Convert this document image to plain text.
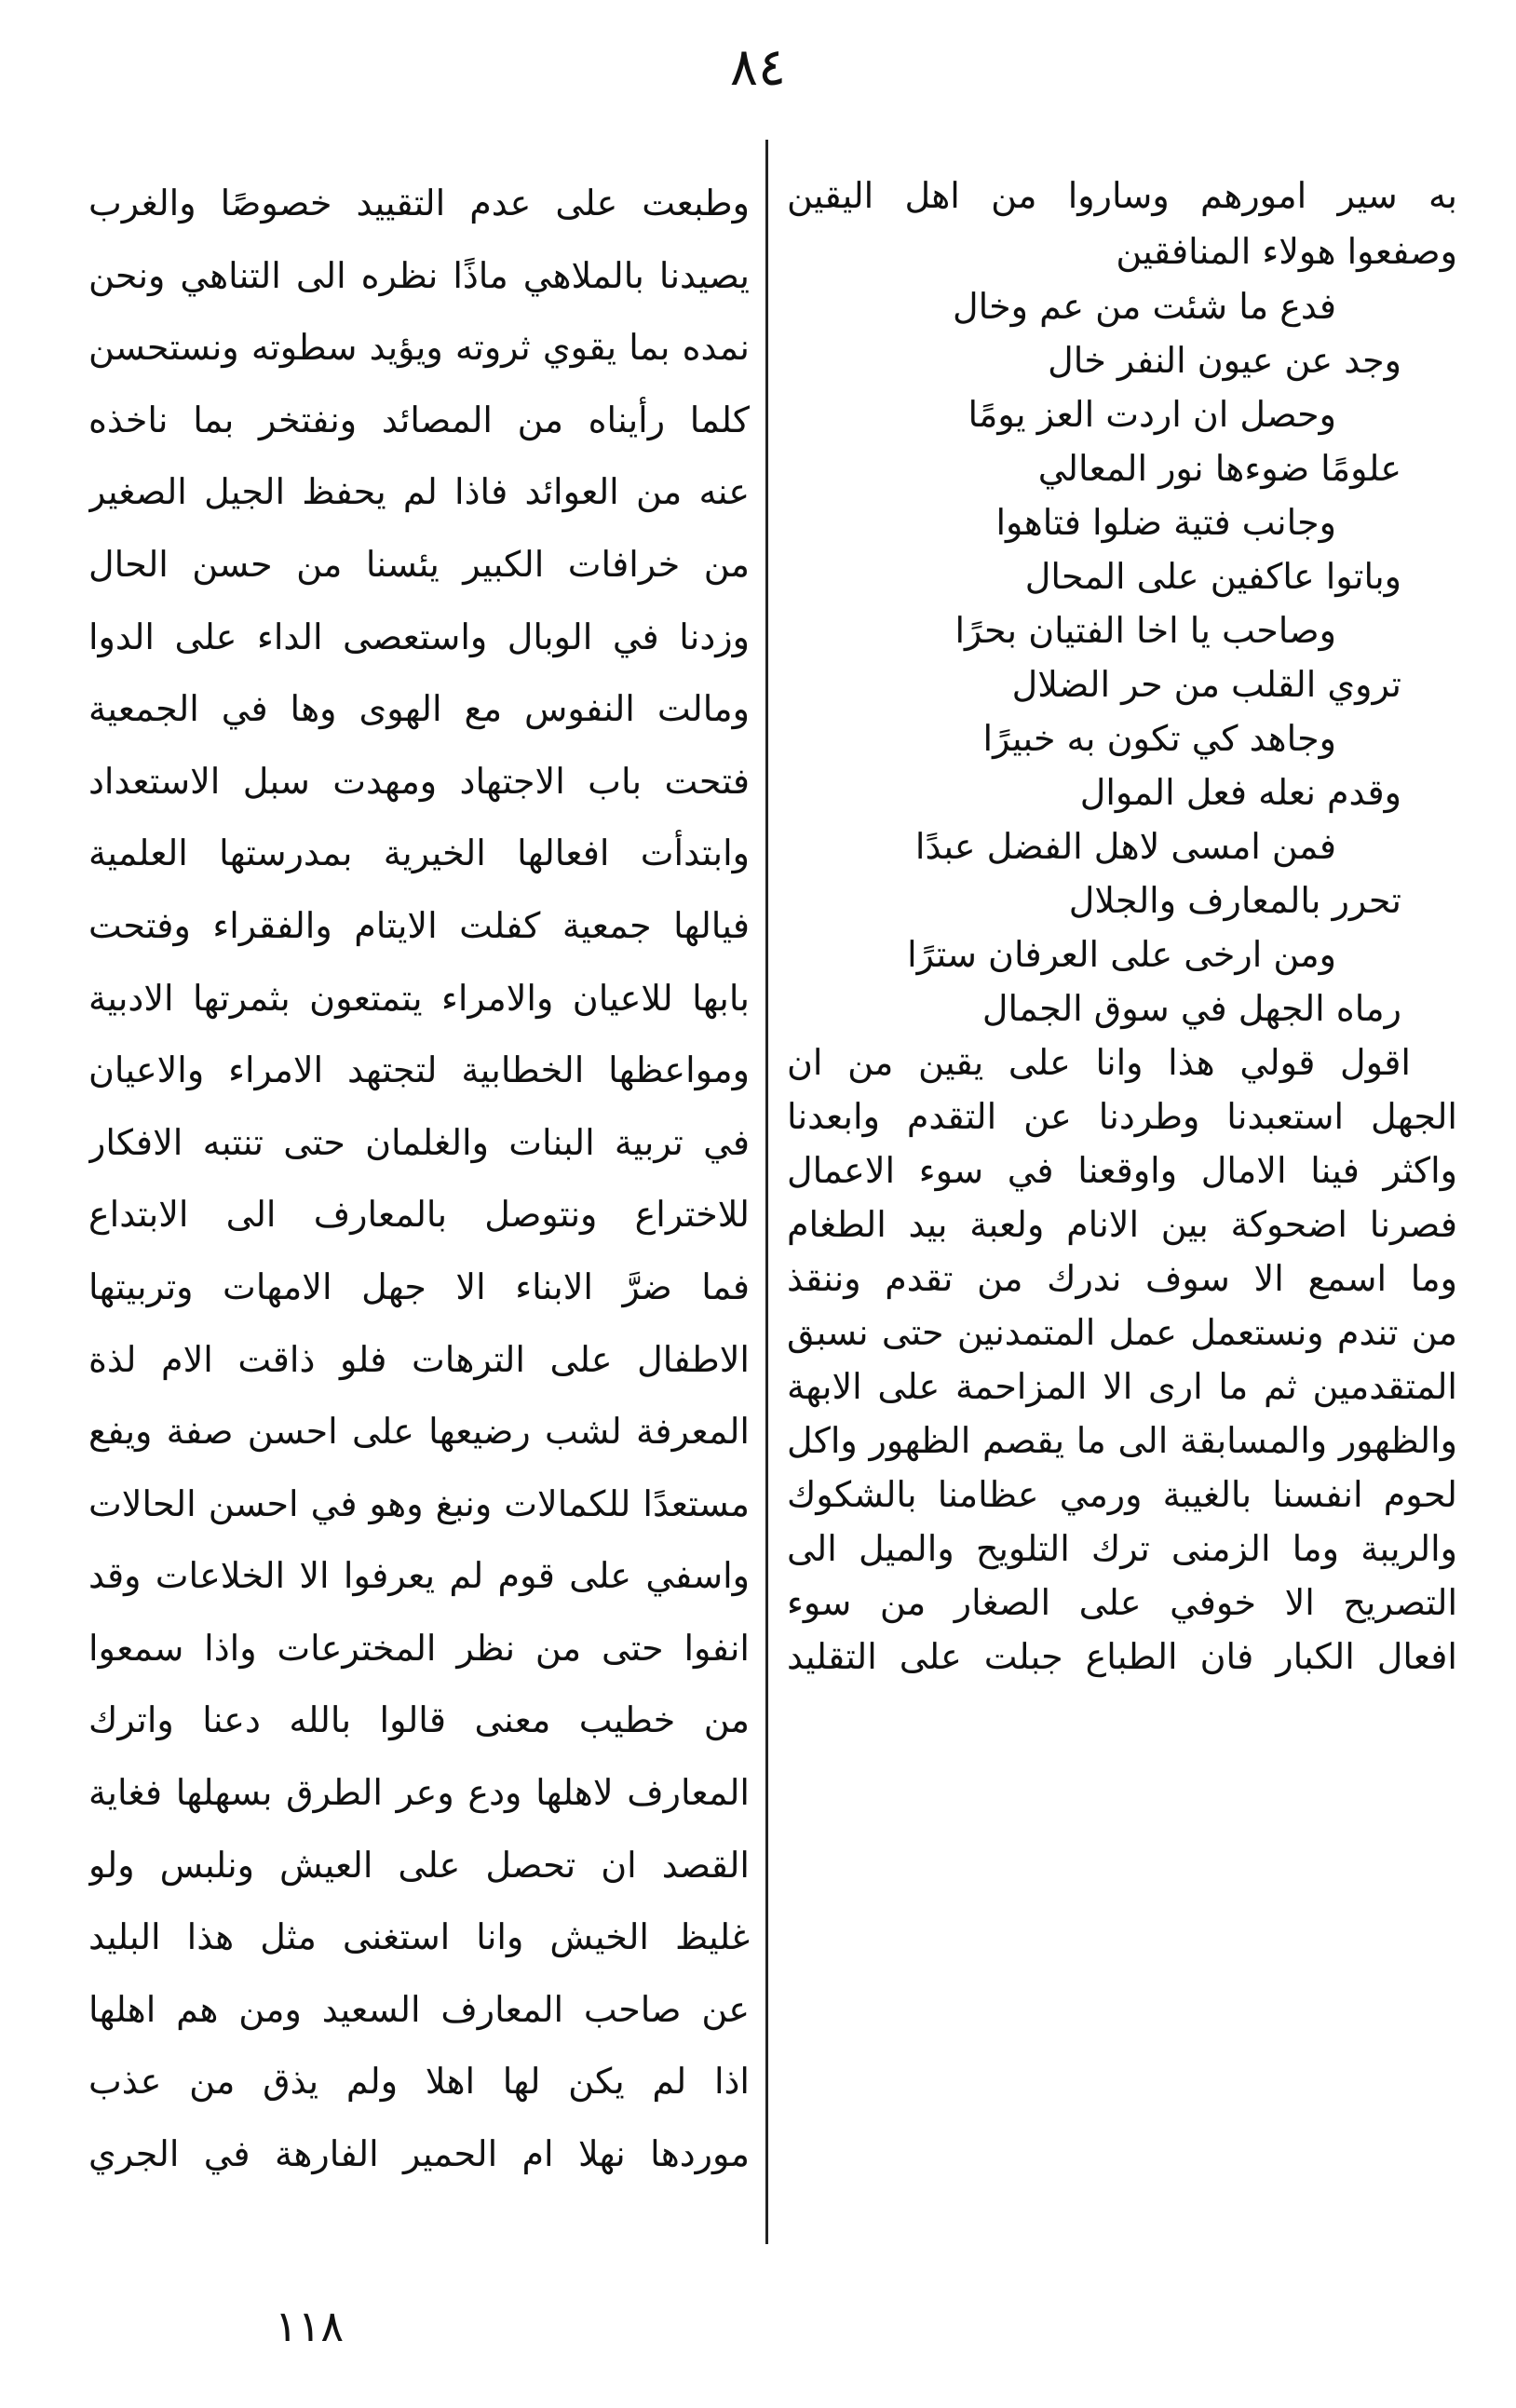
٨٤
به سير امورهم وساروا من اهل اليقين
وصفعوا هولاء المنافقين
فدع ما شئت من عم وخال
وجد عن عيون النفر خال
وحصل ان اردت العز يومًا
علومًا ضوءها نور المعالي
وجانب فتية ضلوا فتاهوا
وباتوا عاكفين على المحال
وصاحب يا اخا الفتيان بحرًا
تروي القلب من حر الضلال
وجاهد كي تكون به خبيرًا
وقدم نعله فعل الموال
فمن امسى لاهل الفضل عبدًا
تحرر بالمعارف والجلال
ومن ارخى على العرفان سترًا
رماه الجهل في سوق الجمال
اقول قولي هذا وانا على يقين من ان
الجهل استعبدنا وطردنا عن التقدم وابعدنا
واكثر فينا الامال واوقعنا في سوء الاعمال
فصرنا اضحوكة بين الانام ولعبة بيد الطغام
وما اسمع الا سوف ندرك من تقدم وننقذ
من تندم ونستعمل عمل المتمدنين حتى نسبق
المتقدمين ثم ما ارى الا المزاحمة على الابهة
والظهور والمسابقة الى ما يقصم الظهور واكل
لحوم انفسنا بالغيبة ورمي عظامنا بالشكوك
والريبة وما الزمنى ترك التلويح والميل الى
التصريح الا خوفي على الصغار من سوء
افعال الكبار فان الطباع جبلت على التقليد
وطبعت على عدم التقييد خصوصًا والغرب
يصيدنا بالملاهي ماذًا نظره الى التناهي ونحن
نمده بما يقوي ثروته ويؤيد سطوته ونستحسن
كلما رأيناه من المصائد ونفتخر بما ناخذه
عنه من العوائد فاذا لم يحفظ الجيل الصغير
من خرافات الكبير يئسنا من حسن الحال
وزدنا في الوبال واستعصى الداء على الدوا
ومالت النفوس مع الهوى وها في الجمعية
فتحت باب الاجتهاد ومهدت سبل الاستعداد
وابتدأت افعالها الخيرية بمدرستها العلمية
فيالها جمعية كفلت الايتام والفقراء وفتحت
بابها للاعيان والامراء يتمتعون بثمرتها الادبية
ومواعظها الخطابية لتجتهد الامراء والاعيان
في تربية البنات والغلمان حتى تنتبه الافكار
للاختراع ونتوصل بالمعارف الى الابتداع
فما ضرَّ الابناء الا جهل الامهات وتربيتها
الاطفال على الترهات فلو ذاقت الام لذة
المعرفة لشب رضيعها على احسن صفة ويفع
مستعدًا للكمالات ونبغ وهو في احسن الحالات
واسفي على قوم لم يعرفوا الا الخلاعات وقد
انفوا حتى من نظر المخترعات واذا سمعوا
من خطيب معنى قالوا بالله دعنا واترك
المعارف لاهلها ودع وعر الطرق بسهلها فغاية
القصد ان تحصل على العيش ونلبس ولو
غليظ الخيش وانا استغنى مثل هذا البليد
عن صاحب المعارف السعيد ومن هم اهلها
اذا لم يكن لها اهلا ولم يذق من عذب
موردها نهلا ام الحمير الفارهة في الجري
١١٨
